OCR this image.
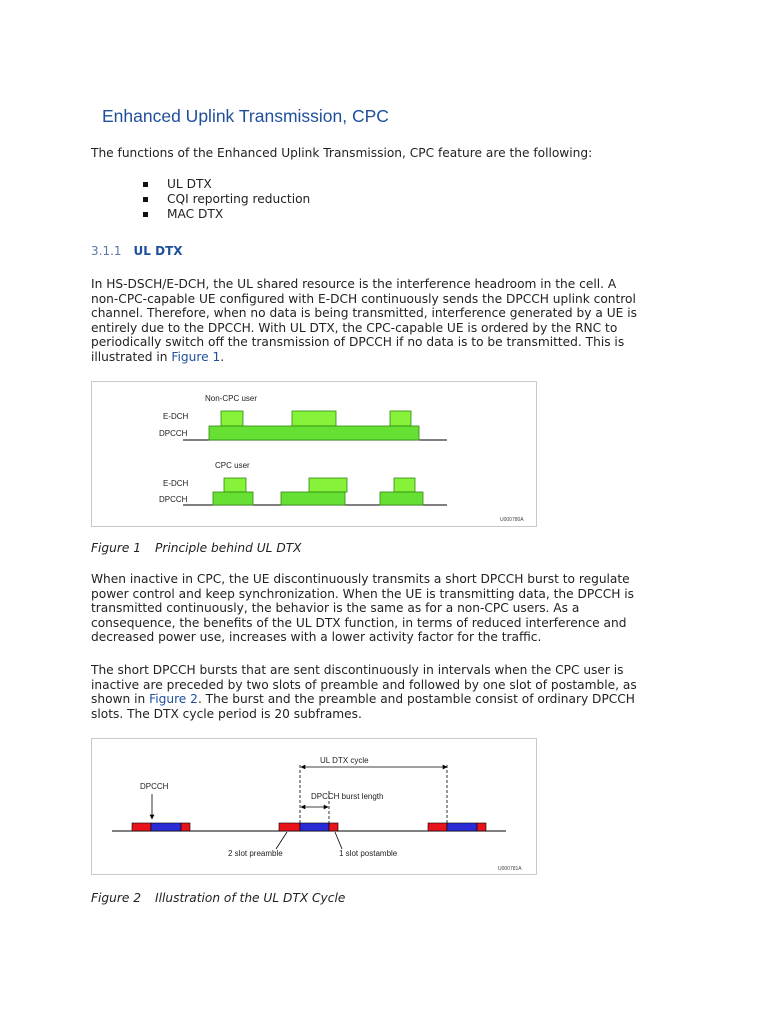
Enhanced Uplink Transmission, CPC
The functions of the Enhanced Uplink Transmission, CPC feature are the following:
UL DTX
CQI reporting reduction
MAC DTX
3.1.1 UL DTX
In HS-DSCH/E-DCH, the UL shared resource is the interference headroom in the cell. A
non-CPC-capable UE configured with E-DCH continuously sends the DPCCH uplink control
channel. Therefore, when no data is being transmitted, interference generated by a UE is
entirely due to the DPCCH. With UL DTX, the CPC-capable UE is ordered by the RNC to
periodically switch off the transmission of DPCCH if no data is to be transmitted. This is
illustrated in Figure 1.
Non-CPC user
E-DCH
DPCCH
CPC user
E-DCH
DPCCH
U000780A
Figure 1 Principle behind UL DTX
When inactive in CPC, the UE discontinuously transmits a short DPCCH burst to regulate
power control and keep synchronization. When the UE is transmitting data, the DPCCH is
transmitted continuously, the behavior is the same as for a non-CPC users. As a
consequence, the benefits of the UL DTX function, in terms of reduced interference and
decreased power use, increases with a lower activity factor for the traffic.
The short DPCCH bursts that are sent discontinuously in intervals when the CPC user is
inactive are preceded by two slots of preamble and followed by one slot of postamble, as
shown in Figure 2. The burst and the preamble and postamble consist of ordinary DPCCH
slots. The DTX cycle period is 20 subframes.
UL DTX cycle
DPCCH
DPCCH burst length
2 slot preamble	1 slot postamble
U000781A
Figure 2 Illustration of the UL DTX Cycle
